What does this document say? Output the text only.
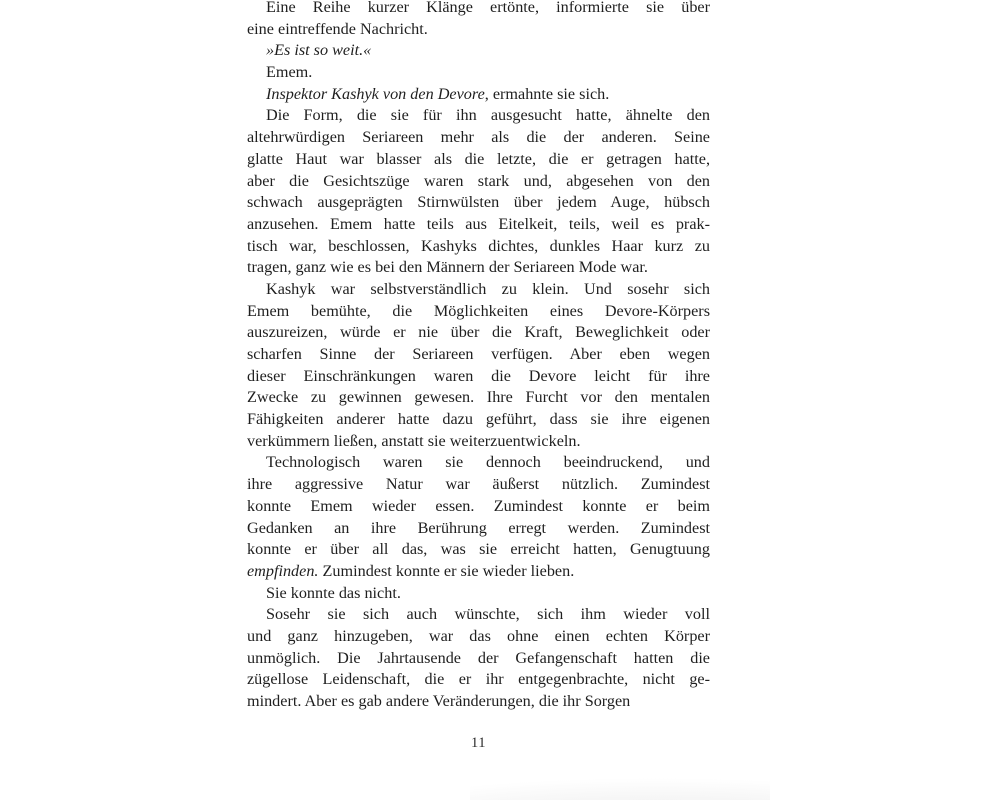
Eine Reihe kurzer Klänge ertönte, informierte sie über
eine eintreffende Nachricht.
»Es ist so weit.«
Emem.
Inspektor Kashyk von den Devore, ermahnte sie sich.
Die Form, die sie für ihn ausgesucht hatte, ähnelte den
altehrwürdigen Seriareen mehr als die der anderen. Seine
glatte Haut war blasser als die letzte, die er getragen hatte,
aber die Gesichtszüge waren stark und, abgesehen von den
schwach ausgeprägten Stirnwülsten über jedem Auge, hübsch
anzusehen. Emem hatte teils aus Eitelkeit, teils, weil es prak-
tisch war, beschlossen, Kashyks dichtes, dunkles Haar kurz zu
tragen, ganz wie es bei den Männern der Seriareen Mode war.
Kashyk war selbstverständlich zu klein. Und sosehr sich
Emem bemühte, die Möglichkeiten eines Devore-Körpers
auszureizen, würde er nie über die Kraft, Beweglichkeit oder
scharfen Sinne der Seriareen verfügen. Aber eben wegen
dieser Einschränkungen waren die Devore leicht für ihre
Zwecke zu gewinnen gewesen. Ihre Furcht vor den mentalen
Fähigkeiten anderer hatte dazu geführt, dass sie ihre eigenen
verkümmern ließen, anstatt sie weiterzuentwickeln.
Technologisch waren sie dennoch beeindruckend, und
ihre aggressive Natur war äußerst nützlich. Zumindest
konnte Emem wieder essen. Zumindest konnte er beim
Gedanken an ihre Berührung erregt werden. Zumindest
konnte er über all das, was sie erreicht hatten, Genugtuung
empfinden. Zumindest konnte er sie wieder lieben.
Sie konnte das nicht.
Sosehr sie sich auch wünschte, sich ihm wieder voll
und ganz hinzugeben, war das ohne einen echten Körper
unmöglich. Die Jahrtausende der Gefangenschaft hatten die
zügellose Leidenschaft, die er ihr entgegenbrachte, nicht ge-
mindert. Aber es gab andere Veränderungen, die ihr Sorgen
11
